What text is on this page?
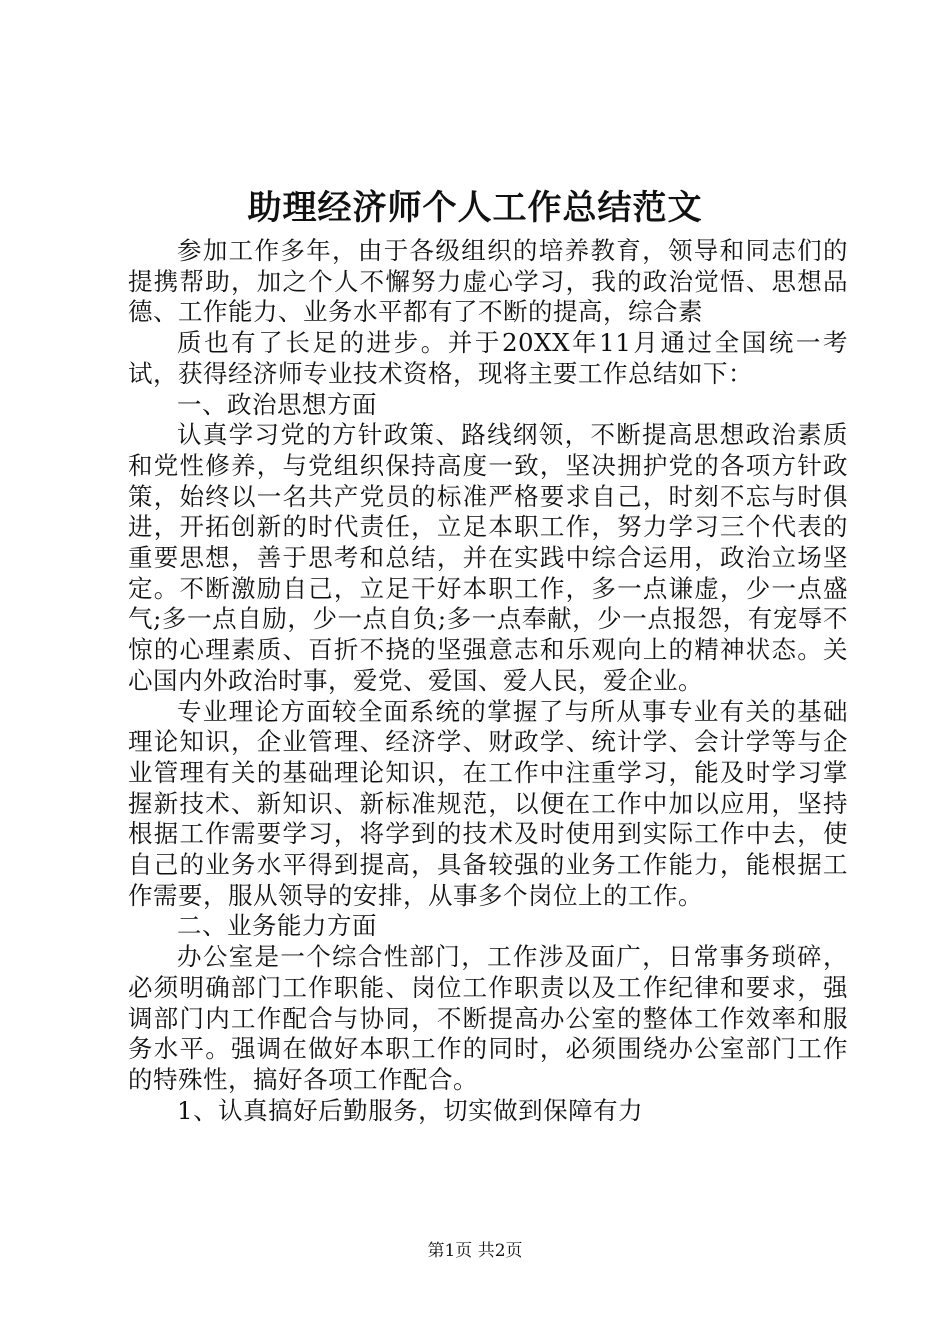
助理经济师个人工作总结范文

参加工作多年，由于各级组织的培养教育，领导和同志们的提携帮助，加之个人不懈努力虚心学习，我的政治觉悟、思想品德、工作能力、业务水平都有了不断的提高，综合素

质也有了长足的进步。并于20XX年11月通过全国统一考试，获得经济师专业技术资格，现将主要工作总结如下：

一、政治思想方面

认真学习党的方针政策、路线纲领，不断提高思想政治素质和党性修养，与党组织保持高度一致，坚决拥护党的各项方针政策，始终以一名共产党员的标准严格要求自己，时刻不忘与时俱进，开拓创新的时代责任，立足本职工作，努力学习三个代表的重要思想，善于思考和总结，并在实践中综合运用，政治立场坚定。不断激励自己，立足干好本职工作，多一点谦虚，少一点盛气;多一点自励，少一点自负;多一点奉献，少一点报怨，有宠辱不惊的心理素质、百折不挠的坚强意志和乐观向上的精神状态。关心国内外政治时事，爱党、爱国、爱人民，爱企业。

专业理论方面较全面系统的掌握了与所从事专业有关的基础理论知识，企业管理、经济学、财政学、统计学、会计学等与企业管理有关的基础理论知识，在工作中注重学习，能及时学习掌握新技术、新知识、新标准规范，以便在工作中加以应用，坚持根据工作需要学习，将学到的技术及时使用到实际工作中去，使自己的业务水平得到提高，具备较强的业务工作能力，能根据工作需要，服从领导的安排，从事多个岗位上的工作。

二、业务能力方面

办公室是一个综合性部门，工作涉及面广，日常事务琐碎，必须明确部门工作职能、岗位工作职责以及工作纪律和要求，强调部门内工作配合与协同，不断提高办公室的整体工作效率和服务水平。强调在做好本职工作的同时，必须围绕办公室部门工作的特殊性，搞好各项工作配合。

1、认真搞好后勤服务，切实做到保障有力

第1页 共2页
